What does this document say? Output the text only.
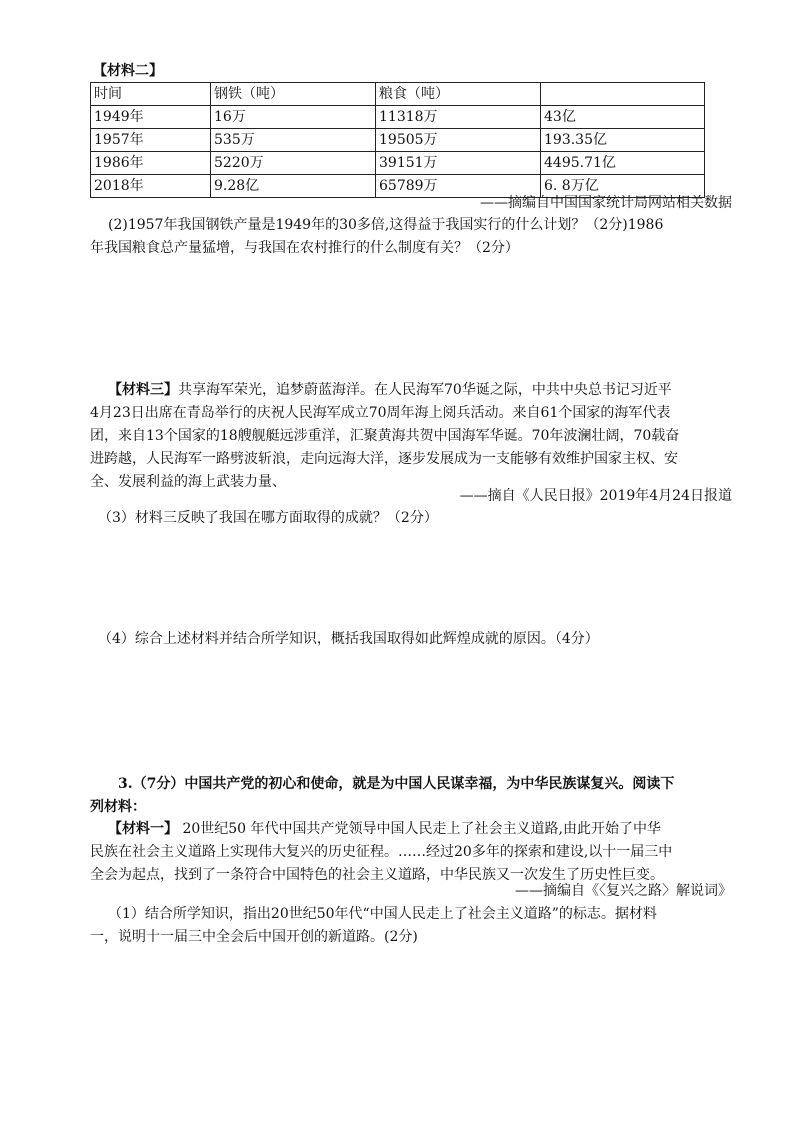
【材料二】
时间	钢铁（吨）	粮食（吨）	
1949年	16万	11318万	43亿
1957年	535万	19505万	193.35亿
1986年	5220万	39151万	4495.71亿
2018年	9.28亿	65789万	6. 8万亿
——摘编自中国国家统计局网站相关数据
(2)1957年我国钢铁产量是1949年的30多倍,这得益于我国实行的什么计划？（2分)1986
年我国粮食总产量猛增，与我国在农村推行的什么制度有关？（2分）
【材料三】共享海军荣光，追梦蔚蓝海洋。在人民海军70华诞之际，中共中央总书记习近平
4月23日出席在青岛举行的庆祝人民海军成立70周年海上阅兵活动。来自61个国家的海军代表
团，来自13个国家的18艘舰艇远涉重洋，汇聚黄海共贺中国海军华诞。70年波澜壮阔，70载奋
进跨越，人民海军一路劈波斩浪，走向远海大洋，逐步发展成为一支能够有效维护国家主权、安
全、发展利益的海上武装力量、
——摘自《人民日报》2019年4月24日报道
（3）材料三反映了我国在哪方面取得的成就？（2分）
（4）综合上述材料并结合所学知识，概括我国取得如此辉煌成就的原因。（4分）
3.（7分）中国共产党的初心和使命，就是为中国人民谋幸福，为中华民族谋复兴。阅读下
列材料：
【材料一】 20世纪50 年代中国共产党领导中国人民走上了社会主义道路,由此开始了中华
民族在社会主义道路上实现伟大复兴的历史征程。……经过20多年的探索和建设,以十一届三中
全会为起点，找到了一条符合中国特色的社会主义道路，中华民族又一次发生了历史性巨变。
——摘编自《〈复兴之路〉解说词》
（1）结合所学知识，指出20世纪50年代“中国人民走上了社会主义道路”的标志。据材料
一，说明十一届三中全会后中国开创的新道路。(2分)
